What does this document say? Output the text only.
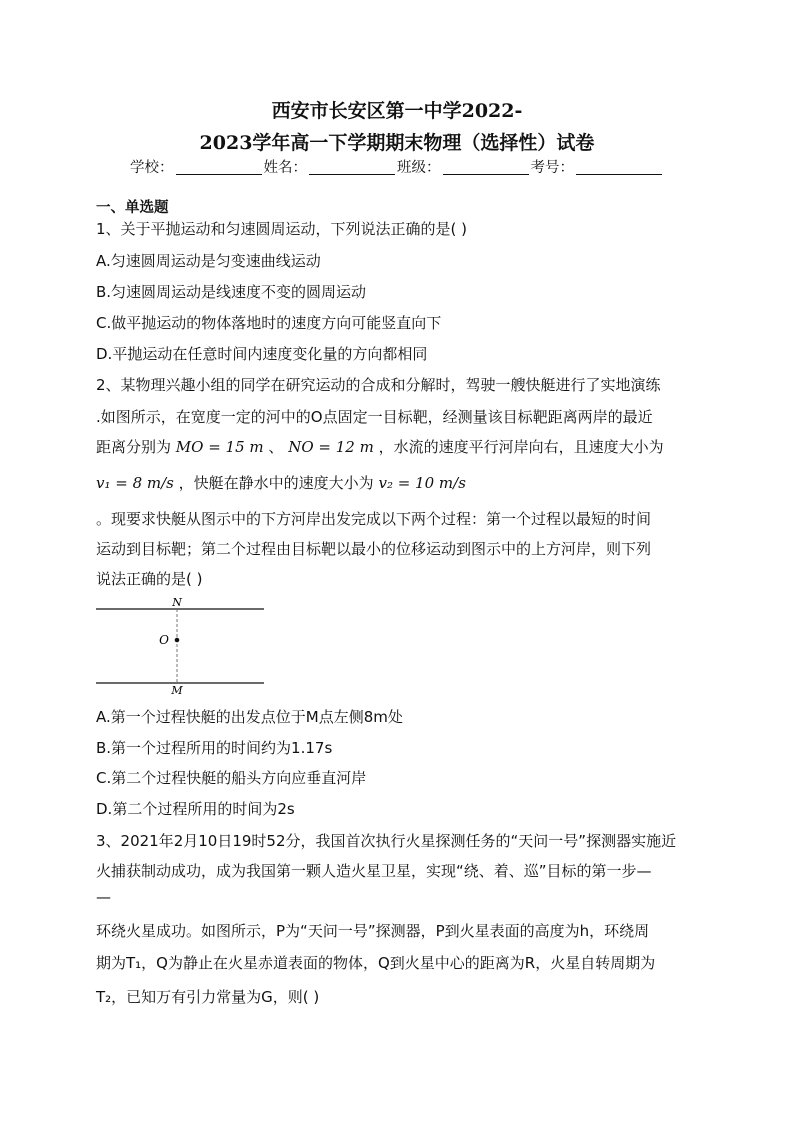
西安市长安区第一中学2022-
2023学年高一下学期期末物理（选择性）试卷
学校：	姓名：	班级：	考号：
一、单选题
1、关于平抛运动和匀速圆周运动，下列说法正确的是( )
A.匀速圆周运动是匀变速曲线运动
B.匀速圆周运动是线速度不变的圆周运动
C.做平抛运动的物体落地时的速度方向可能竖直向下
D.平抛运动在任意时间内速度变化量的方向都相同
2、某物理兴趣小组的同学在研究运动的合成和分解时，驾驶一艘快艇进行了实地演练
.如图所示，在宽度一定的河中的O点固定一目标靶，经测量该目标靶距离两岸的最近
距离分别为 MO = 15 m 、 NO = 12 m ，水流的速度平行河岸向右，且速度大小为
v₁ = 8 m/s ，快艇在静水中的速度大小为 v₂ = 10 m/s
。现要求快艇从图示中的下方河岸出发完成以下两个过程：第一个过程以最短的时间
运动到目标靶；第二个过程由目标靶以最小的位移运动到图示中的上方河岸，则下列
说法正确的是( )
N
O
M
A.第一个过程快艇的出发点位于M点左侧8m处
B.第一个过程所用的时间约为1.17s
C.第二个过程快艇的船头方向应垂直河岸
D.第二个过程所用的时间为2s
3、2021年2月10日19时52分，我国首次执行火星探测任务的“天问一号”探测器实施近
火捕获制动成功，成为我国第一颗人造火星卫星，实现“绕、着、巡”目标的第一步—
—
环绕火星成功。如图所示，P为“天问一号”探测器，P到火星表面的高度为h，环绕周
期为T₁，Q为静止在火星赤道表面的物体，Q到火星中心的距离为R，火星自转周期为
T₂，已知万有引力常量为G，则( )
